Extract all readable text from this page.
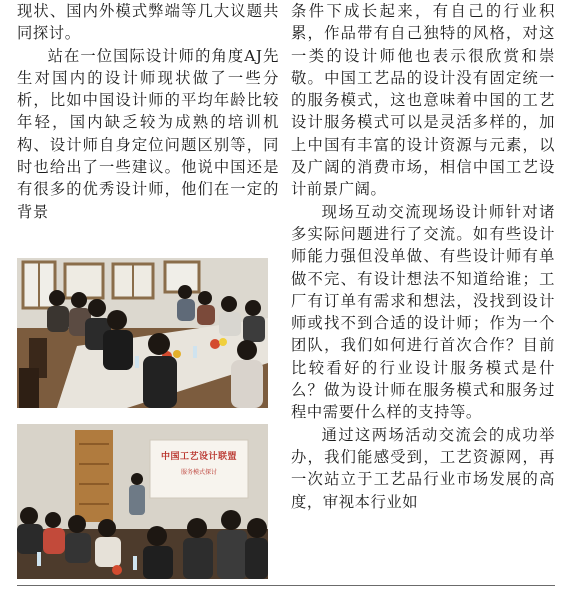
现状、国内外模式弊端等几大议题共同探讨。

站在一位国际设计师的角度AJ先生对国内的设计师现状做了一些分析，比如中国设计师的平均年龄比较年轻，国内缺乏较为成熟的培训机构、设计师自身定位问题区别等，同时也给出了一些建议。他说中国还是有很多的优秀设计师，他们在一定的背景

中国工艺设计联盟
服务模式探讨

条件下成长起来，有自己的行业积累，作品带有自己独特的风格，对这一类的设计师他也表示很欣赏和崇敬。中国工艺品的设计没有固定统一的服务模式，这也意味着中国的工艺设计服务模式可以是灵活多样的，加上中国有丰富的设计资源与元素，以及广阔的消费市场，相信中国工艺设计前景广阔。

现场互动交流现场设计师针对诸多实际问题进行了交流。如有些设计师能力强但没单做、有些设计师有单做不完、有设计想法不知道给谁；工厂有订单有需求和想法，没找到设计师或找不到合适的设计师；作为一个团队，我们如何进行首次合作？目前比较看好的行业设计服务模式是什么？做为设计师在服务模式和服务过程中需要什么样的支持等。

通过这两场活动交流会的成功举办，我们能感受到，工艺资源网，再一次站立于工艺品行业市场发展的高度，审视本行业如
